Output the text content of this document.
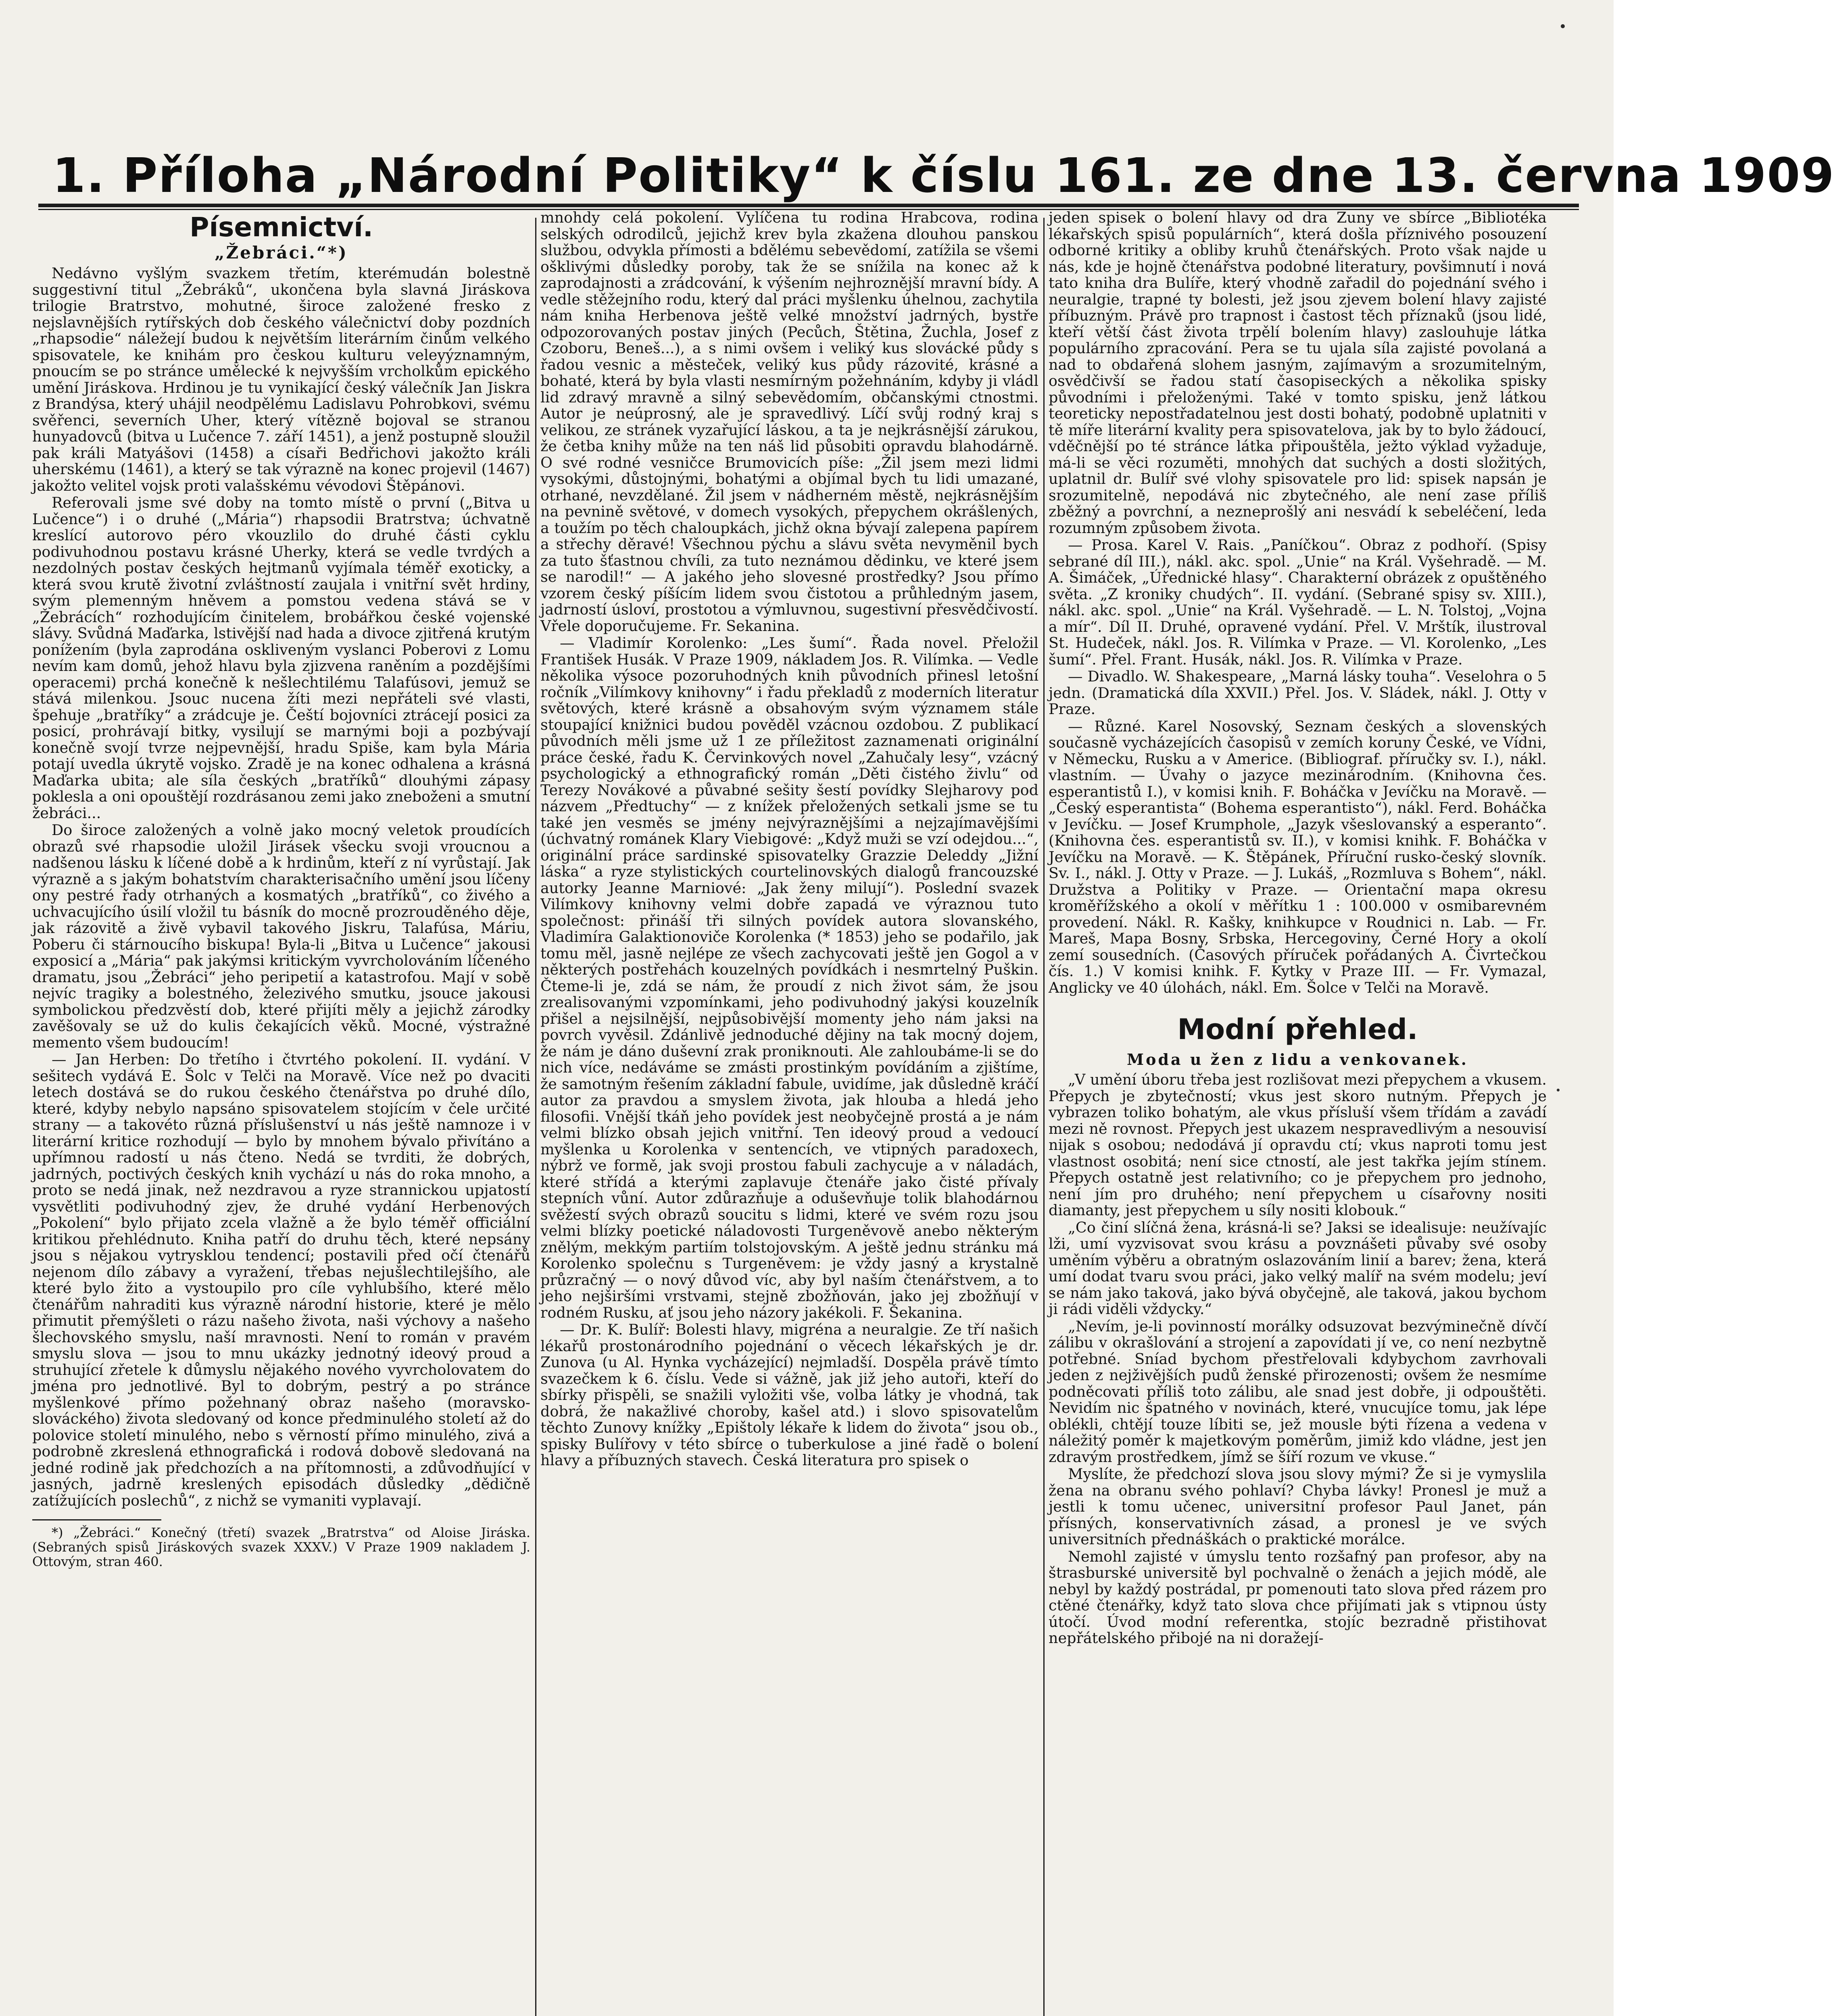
1. Příloha „Národní Politiky“ k číslu 161. ze dne 13. června 1909
Písemnictví.
„Žebráci.“*)

Nedávno vyšlým svazkem třetím, kterémudán bolestně suggestivní titul „Žebráků“, ukončena byla slavná Jiráskova trilogie Bratrstvo, mohutné, široce založené fresko z nejslavnějších rytířských dob českého válečnictví doby pozdních „rhapsodie“ náležejí budou k největším literárním činům velkého spisovatele, ke knihám pro českou kulturu veleyýznamným, pnoucím se po stránce umělecké k nejvyšším vrcholkům epického umění Jiráskova. Hrdinou je tu vynikající český válečník Jan Jiskra z Brandýsa, který uhájil neodpělému Ladislavu Pohrobkovi, svému svěřenci, severních Uher, který vítězně bojoval se stranou hunyadovců (bitva u Lučence 7. září 1451), a jenž postupně sloužil pak králi Matyášovi (1458) a císaři Bedřichovi jakožto králi uherskému (1461), a který se tak výrazně na konec projevil (1467) jakožto velitel vojsk proti valašskému vévodovi Štěpánovi.

Referovali jsme své doby na tomto místě o první („Bitva u Lučence“) i o druhé („Mária“) rhapsodii Bratrstva; úchvatně kreslící autorovo péro vkouzlilo do druhé části cyklu podivuhodnou postavu krásné Uherky, která se vedle tvrdých a nezdolných postav českých hejtmanů vyjímala téměř exoticky, a která svou krutě životní zvláštností zaujala i vnitřní svět hrdiny, svým plemenným hněvem a pomstou vedena stává se v „Žebrácích“ rozhodujícím činitelem, brobářkou české vojenské slávy. Svůdná Maďarka, lstivější nad hada a divoce zjitřená krutým ponížením (byla zaprodána oskliveným vyslanci Poberovi z Lomu nevím kam domů, jehož hlavu byla zjizvena raněním a pozdějšími operacemi) prchá konečně k nešlechtilému Talafúsovi, jemuž se stává milenkou. Jsouc nucena žíti mezi nepřáteli své vlasti, špehuje „bratříky“ a zrádcuje je. Čeští bojovníci ztrácejí posici za posicí, prohrávají bitky, vysilují se marnými boji a pozbývají konečně svojí tvrze nejpevnější, hradu Spiše, kam byla Mária potají uvedla úkrytě vojsko. Zradě je na konec odhalena a krásná Maďarka ubita; ale síla českých „bratříků“ dlouhými zápasy poklesla a oni opouštějí rozdrásanou zemi jako zneboženi a smutní žebráci...

Do široce založených a volně jako mocný veletok proudících obrazů své rhapsodie uložil Jirásek všecku svoji vroucnou a nadšenou lásku k líčené době a k hrdinům, kteří z ní vyrůstají. Jak výrazně a s jakým bohatstvím charakterisačního umění jsou líčeny ony pestré řady otrhaných a kosmatých „bratříků“, co živého a uchvacujícího úsilí vložil tu básník do mocně prozrouděného děje, jak rázovitě a živě vybavil takového Jiskru, Talafúsa, Máriu, Poberu či stárnoucího biskupa! Byla-li „Bitva u Lučence“ jakousi exposicí a „Mária“ pak jakýmsi kritickým vyvrcholováním líčeného dramatu, jsou „Žebráci“ jeho peripetií a katastrofou. Mají v sobě nejvíc tragiky a bolestného, železivého smutku, jsouce jakousi symbolickou předzvěstí dob, které přijíti měly a jejichž zárodky zavěšovaly se už do kulis čekajících věků. Mocné, výstražné memento všem budoucím!

— Jan Herben: Do třetího i čtvrtého pokolení. II. vydání. V sešitech vydává E. Šolc v Telči na Moravě. Více než po dvaciti letech dostává se do rukou českého čtenářstva po druhé dílo, které, kdyby nebylo napsáno spisovatelem stojícím v čele určité strany — a takovéto různá příslušenství u nás ještě namnoze i v literární kritice rozhodují — bylo by mnohem bývalo přivítáno a upřímnou radostí u nás čteno. Nedá se tvrditi, že dobrých, jadrných, poctivých českých knih vychází u nás do roka mnoho, a proto se nedá jinak, než nezdravou a ryze strannickou upjatostí vysvětliti podivuhodný zjev, že druhé vydání Herbenových „Pokolení“ bylo přijato zcela vlažně a že bylo téměř officiální kritikou přehlédnuto. Kniha patří do druhu těch, které nepsány jsou s nějakou vytrysklou tendencí; postavili před očí čtenářů nejenom dílo zábavy a vyražení, třebas nejušlechtilejšího, ale které bylo žito a vystoupilo pro cíle vyhlubšího, které mělo čtenářům nahraditi kus výrazně národní historie, které je mělo přimutit přemýšleti o rázu našeho života, naši výchovy a našeho šlechovského smyslu, naší mravnosti. Není to román v pravém smyslu slova — jsou to mnu ukázky jednotný ideový proud a struhující zřetele k důmyslu nějakého nového vyvrcholovatem do jména pro jednotlivé. Byl to dobrým, pestrý a po stránce myšlenkové přímo požehnaný obraz našeho (moravsko-slováckého) života sledovaný od konce předminulého století až do polovice století minulého, nebo s věrností přímo minulého, zivá a podrobně zkreslená ethnografická i rodová dobově sledovaná na jedné rodině jak předchozích a na přítomnosti, a zdůvodňující v jasných, jadrně kreslených episodách důsledky „dědičně zatížujících poslechů“, z nichž se vymaniti vyplavají.

*) „Žebráci.“ Konečný (třetí) svazek „Bratrstva“ od Aloise Jiráska. (Sebraných spisů Jiráskových svazek XXXV.) V Praze 1909 nakladem J. Ottovým, stran 460.

mnohdy celá pokolení. Vylíčena tu rodina Hrabcova, rodina selských odrodilců, jejichž krev byla zkažena dlouhou panskou službou, odvykla přímosti a bdělému sebevědomí, zatížila se všemi ošklivými důsledky poroby, tak že se snížila na konec až k zaprodajnosti a zrádcování, k výšením nejhroznější mravní bídy. A vedle stěžejního rodu, který dal práci myšlenku úhelnou, zachytila nám kniha Herbenova ještě velké množství jadrných, bystře odpozorovaných postav jiných (Pecůch, Štětina, Žuchla, Josef z Czoboru, Beneš...), a s nimi ovšem i veliký kus slovácké půdy s řadou vesnic a městeček, veliký kus půdy rázovité, krásné a bohaté, která by byla vlasti nesmírným požehnáním, kdyby ji vládl lid zdravý mravně a silný sebevědomím, občanskými ctnostmi. Autor je neúprosný, ale je spravedlivý. Líčí svůj rodný kraj s velikou, ze stránek vyzařující láskou, a ta je nejkrásnější zárukou, že četba knihy může na ten náš lid působiti opravdu blahodárně. O své rodné vesničce Brumovicích píše: „Žil jsem mezi lidmi vysokými, důstojnými, bohatými a objímal bych tu lidi umazané, otrhané, nevzdělané. Žil jsem v nádherném městě, nejkrásnějším na pevnině světové, v domech vysokých, přepychem okrášlených, a toužím po těch chaloupkách, jichž okna bývají zalepena papírem a střechy děravé! Všechnou pýchu a slávu světa nevyměnil bych za tuto šťastnou chvíli, za tuto neznámou dědinku, ve které jsem se narodil!“ — A jakého jeho slovesné prostředky? Jsou přímo vzorem český píšícím lidem svou čistotou a průhledným jasem, jadrností úsloví, prostotou a výmluvnou, sugestivní přesvědčivostí. Vřele doporučujeme. Fr. Sekanina.

— Vladimír Korolenko: „Les šumí“. Řada novel. Přeložil František Husák. V Praze 1909, nákladem Jos. R. Vilímka. — Vedle několika výsoce pozoruhodných knih původních přinesl letošní ročník „Vilímkovy knihovny“ i řadu překladů z moderních literatur světových, které krásně a obsahovým svým významem stále stoupající knižnici budou pověděl vzácnou ozdobou. Z publikací původních měli jsme už 1 ze příležitost zaznamenati originální práce české, řadu K. Červinkových novel „Zahučaly lesy“, vzácný psychologický a ethnografický román „Děti čistého živlu“ od Terezy Novákové a půvabné sešity šestí povídky Slejharovy pod názvem „Předtuchy“ — z knížek přeložených setkali jsme se tu také jen vesměs se jmény nejvýraznějšími a nejzajímavějšími (úchvatný románek Klary Viebigové: „Když muži se vzí odejdou...“, originální práce sardinské spisovatelky Grazzie Deleddy „Jižní láska“ a ryze stylistických courtelinovských dialogů francouzské autorky Jeanne Marniové: „Jak ženy milují“). Poslední svazek Vilímkovy knihovny velmi dobře zapadá ve výraznou tuto společnost: přináší tři silných povídek autora slovanského, Vladimíra Galaktionoviče Korolenka (* 1853) jeho se podařilo, jak tomu měl, jasně nejlépe ze všech zachycovati ještě jen Gogol a v některých postřehách kouzelných povídkách i nesmrtelný Puškin. Čteme-li je, zdá se nám, že proudí z nich život sám, že jsou zrealisovanými vzpomínkami, jeho podivuhodný jakýsi kouzelník přišel a nejsilnější, nejpůsobivější momenty jeho nám jaksi na povrch vyvěsil. Zdánlivě jednoduché dějiny na tak mocný dojem, že nám je dáno duševní zrak proniknouti. Ale zahloubáme-li se do nich více, nedáváme se zmásti prostinkým povídáním a zjištíme, že samotným řešením základní fabule, uvidíme, jak důsledně kráčí autor za pravdou a smyslem života, jak hlouba a hledá jeho filosofii. Vnější tkáň jeho povídek jest neobyčejně prostá a je nám velmi blízko obsah jejich vnitřní. Ten ideový proud a vedoucí myšlenka u Korolenka v sentencích, ve vtipných paradoxech, nýbrž ve formě, jak svoji prostou fabuli zachycuje a v náladách, které střídá a kterými zaplavuje čtenáře jako čisté přívaly stepních vůní. Autor zdůrazňuje a oduševňuje tolik blahodárnou svěžestí svých obrazů soucitu s lidmi, které ve svém rozu jsou velmi blízky poetické náladovosti Turgeněvově anebo některým znělým, mekkým partiím tolstojovským. A ještě jednu stránku má Korolenko společnu s Turgeněvem: je vždy jasný a krystalně průzračný — o nový důvod víc, aby byl naším čtenářstvem, a to jeho nejširšími vrstvami, stejně zbožňován, jako jej zbožňují v rodném Rusku, ať jsou jeho názory jakékoli. F. Šekanina.

— Dr. K. Bulíř: Bolesti hlavy, migréna a neuralgie. Ze tří našich lékařů prostonárodního pojednání o věcech lékařských je dr. Zunova (u Al. Hynka vycházející) nejmladší. Dospěla právě tímto svazečkem k 6. číslu. Vede si vážně, jak již jeho autoři, kteří do sbírky přispěli, se snažili vyložiti vše, volba látky je vhodná, tak dobrá, že nakažlivé choroby, kašel atd.) i slovo spisovatelům těchto Zunovy knížky „Epištoly lékaře k lidem do života“ jsou ob., spisky Bulířovy v této sbírce o tuberkulose a jiné řadě o bolení hlavy a příbuzných stavech. Česká literatura pro spisek o

jeden spisek o bolení hlavy od dra Zuny ve sbírce „Bibliotéka lékařských spisů populárních“, která došla příznivého posouzení odborné kritiky a obliby kruhů čtenářských. Proto však najde u nás, kde je hojně čtenářstva podobné literatury, povšimnutí i nová tato kniha dra Bulíře, který vhodně zařadil do pojednání svého i neuralgie, trapné ty bolesti, jež jsou zjevem bolení hlavy zajisté příbuzným. Právě pro trapnost i častost těch příznaků (jsou lidé, kteří větší část života trpělí bolením hlavy) zaslouhuje látka populárního zpracování. Pera se tu ujala síla zajisté povolaná a nad to obdařená slohem jasným, zajímavým a srozumitelným, osvědčivší se řadou statí časopiseckých a několika spisky původními i přeloženými. Také v tomto spisku, jenž látkou teoreticky nepostřadatelnou jest dosti bohatý, podobně uplatniti v tě míře literární kvality pera spisovatelova, jak by to bylo žádoucí, vděčnější po té stránce látka připouštěla, ježto výklad vyžaduje, má-li se věci rozuměti, mnohých dat suchých a dosti složitých, uplatnil dr. Bulíř své vlohy spisovatele pro lid: spisek napsán je srozumitelně, nepodává nic zbytečného, ale není zase příliš zběžný a povrchní, a nezneprošlý ani nesvádí k sebeléčení, leda rozumným způsobem života.

— Prosa. Karel V. Rais. „Paníčkou“. Obraz z podhoří. (Spisy sebrané díl III.), nákl. akc. spol. „Unie“ na Král. Vyšehradě. — M. A. Šimáček, „Úřednické hlasy“. Charakterní obrázek z opuštěného světa. „Z kroniky chudých“. II. vydání. (Sebrané spisy sv. XIII.), nákl. akc. spol. „Unie“ na Král. Vyšehradě. — L. N. Tolstoj, „Vojna a mír“. Díl II. Druhé, opravené vydání. Přel. V. Mrštík, ilustroval St. Hudeček, nákl. Jos. R. Vilímka v Praze. — Vl. Korolenko, „Les šumí“. Přel. Frant. Husák, nákl. Jos. R. Vilímka v Praze.

— Divadlo. W. Shakespeare, „Marná lásky touha“. Veselohra o 5 jedn. (Dramatická díla XXVII.) Přel. Jos. V. Sládek, nákl. J. Otty v Praze.

— Různé. Karel Nosovský, Seznam českých a slovenských současně vycházejících časopisů v zemích koruny České, ve Vídni, v Německu, Rusku a v Americe. (Bibliograf. příručky sv. I.), nákl. vlastním. — Úvahy o jazyce mezinárodním. (Knihovna čes. esperantistů I.), v komisi knih. F. Boháčka v Jevíčku na Moravě. — „Český esperantista“ (Bohema esperantisto“), nákl. Ferd. Boháčka v Jevíčku. — Josef Krumphole, „Jazyk všeslovanský a esperanto“. (Knihovna čes. esperantistů sv. II.), v komisi knihk. F. Boháčka v Jevíčku na Moravě. — K. Štěpánek, Příruční rusko-český slovník. Sv. I., nákl. J. Otty v Praze. — J. Lukáš, „Rozmluva s Bohem“, nákl. Družstva a Politiky v Praze. — Orientační mapa okresu kroměřížského a okolí v měřítku 1 : 100.000 v osmibarevném provedení. Nákl. R. Kašky, knihkupce v Roudnici n. Lab. — Fr. Mareš, Mapa Bosny, Srbska, Hercegoviny, Černé Hory a okolí zemí sousedních. (Časových příruček pořádaných A. Čivrtečkou čís. 1.) V komisi knihk. F. Kytky v Praze III. — Fr. Vymazal, Anglicky ve 40 úlohách, nákl. Em. Šolce v Telči na Moravě.

Modní přehled.
Moda u žen z lidu a venkovanek.

„V umění úboru třeba jest rozlišovat mezi přepychem a vkusem. Přepych je zbytečností; vkus jest skoro nutným. Přepych je vybrazen toliko bohatým, ale vkus přísluší všem třídám a zavádí mezi ně rovnost. Přepych jest ukazem nespravedlivým a nesouvisí nijak s osobou; nedodává jí opravdu ctí; vkus naproti tomu jest vlastnost osobitá; není sice ctností, ale jest takřka jejím stínem. Přepych ostatně jest relativního; co je přepychem pro jednoho, není jím pro druhého; není přepychem u císařovny nositi diamanty, jest přepychem u síly nositi klobouk.“

„Co činí slíčná žena, krásná-li se? Jaksi se idealisuje: neužívajíc lži, umí vyzvisovat svou krásu a povznášeti půvaby své osoby uměním výběru a obratným oslazováním linií a barev; žena, která umí dodat tvaru svou práci, jako velký malíř na svém modelu; jeví se nám jako taková, jako bývá obyčejně, ale taková, jakou bychom ji rádi viděli vždycky.“

„Nevím, je-li povinností morálky odsuzovat bezvýminečně dívčí zálibu v okrašlování a strojení a zapovídati jí ve, co není nezbytně potřebné. Sníad bychom přestřelovali kdybychom zavrhovali jeden z nejživějších pudů ženské přirozenosti; ovšem že nesmíme podněcovati příliš toto zálibu, ale snad jest dobře, ji odpouštěti. Nevidím nic špatného v novinách, které, vnucujíce tomu, jak lépe oblékli, chtějí touze líbiti se, jež mousle býti řízena a vedena v náležitý poměr k majetkovým poměrům, jimiž kdo vládne, jest jen zdravým prostředkem, jímž se šíří rozum ve vkuse.“

Myslíte, že předchozí slova jsou slovy mými? Že si je vymyslila žena na obranu svého pohlaví? Chyba lávky! Pronesl je muž a jestli k tomu učenec, universitní profesor Paul Janet, pán přísných, konservativních zásad, a pronesl je ve svých universitních přednáškách o praktické morálce.

Nemohl zajisté v úmyslu tento rozšafný pan profesor, aby na štrasburské universitě byl pochvalně o ženách a jejich módě, ale nebyl by každý postrádal, pr pomenouti tato slova před rázem pro ctěné čtenářky, když tato slova chce přijímati jak s vtipnou ústy útočí. Úvod modní referentka, stojíc bezradně přistihovat nepřátelského přibojé na ni doražejí-
